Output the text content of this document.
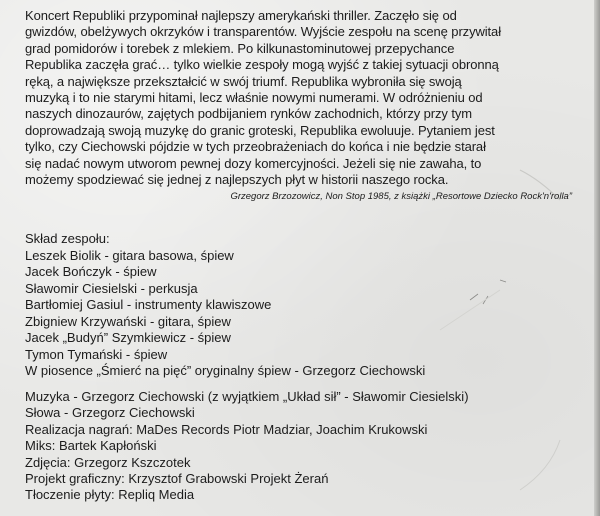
Koncert Republiki przypominał najlepszy amerykański thriller. Zaczęło się od
gwizdów, obelżywych okrzyków i transparentów. Wyjście zespołu na scenę przywitał
grad pomidorów i torebek z mlekiem. Po kilkunastominutowej przepychance
Republika zaczęła grać… tylko wielkie zespoły mogą wyjść z takiej sytuacji obronną
ręką, a największe przekształcić w swój triumf. Republika wybroniła się swoją
muzyką i to nie starymi hitami, lecz właśnie nowymi numerami. W odróżnieniu od
naszych dinozaurów, zajętych podbijaniem rynków zachodnich, którzy przy tym
doprowadzają swoją muzykę do granic groteski, Republika ewoluuje. Pytaniem jest
tylko, czy Ciechowski pójdzie w tych przeobrażeniach do końca i nie będzie starał
się nadać nowym utworom pewnej dozy komercyjności. Jeżeli się nie zawaha, to
możemy spodziewać się jednej z najlepszych płyt w historii naszego rocka.

Grzegorz Brzozowicz, Non Stop 1985, z książki „Resortowe Dziecko Rock'n'rolla”

Skład zespołu:
Leszek Biolik - gitara basowa, śpiew
Jacek Bończyk - śpiew
Sławomir Ciesielski - perkusja
Bartłomiej Gasiul - instrumenty klawiszowe
Zbigniew Krzywański - gitara, śpiew
Jacek „Budyń” Szymkiewicz - śpiew
Tymon Tymański - śpiew
W piosence „Śmierć na pięć” oryginalny śpiew - Grzegorz Ciechowski
Muzyka - Grzegorz Ciechowski (z wyjątkiem „Układ sił” - Sławomir Ciesielski)
Słowa - Grzegorz Ciechowski
Realizacja nagrań: MaDes Records Piotr Madziar, Joachim Krukowski
Miks: Bartek Kapłoński
Zdjęcia: Grzegorz Kszczotek
Projekt graficzny: Krzysztof Grabowski Projekt Żerań
Tłoczenie płyty: Replіq Media
